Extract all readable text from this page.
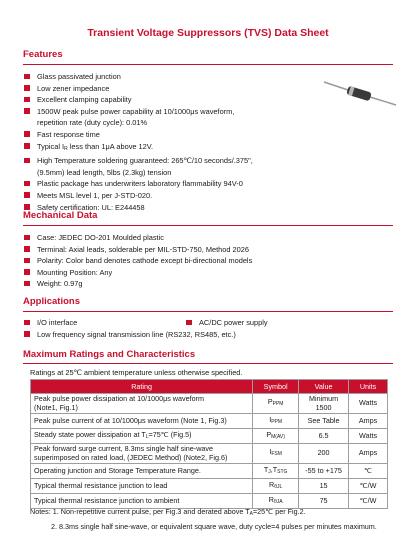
Transient Voltage Suppressors (TVS) Data Sheet
Features
Glass passivated junction
Low zener impedance
Excellent clamping capability
1500W peak pulse power capability at 10/1000μs waveform,
repetition rate (duty cycle): 0.01%
Fast response time
Typical $I_R$ less than 1μA above 12V.
High Temperature soldering guaranteed: 265℃/10 seconds/.375",
(9.5mm) lead length, 5lbs (2.3kg) tension
Plastic package has underwriters laboratory flammability 94V-0
Meets MSL level 1, per J-STD-020.
Safety certification: UL: E244458
Mechanical Data
Case: JEDEC DO-201 Moulded plastic
Terminal: Axial leads, solderable per MIL-STD-750, Method 2026
Polarity: Color band denotes cathode except bi-directional models
Mounting Position: Any
Weight: 0.97g
Applications
I/O interface	AC/DC power supply
Low frequency signal transmission line (RS232, RS485, etc.)
Maximum Ratings and Characteristics
Ratings at 25℃ ambient temperature unless otherwise specified.
Rating	Symbol	Value	Units
Peak pulse power dissipation at 10/1000μs waveform
(Note1, Fig.1)	$P_{PPM}$	Minimum 1500	Watts
Peak pulse current of at 10/1000μs waveform (Note 1, Fig.3)	$I_{PPM}$	See Table	Amps
Steady state power dissipation at $T_L=75℃$ (Fig.5)	$P_{M(AV)}$	6.5	Watts
Peak forward surge current, 8.3ms single half sine-wave
superimposed on rated load, (JEDEC Method) (Note2, Fig.6)	$I_{FSM}$	200	Amps
Operating junction and Storage Temperature Range.	$T_J,T_{STG}$	-55 to +175	℃
Typical thermal resistance junction to lead	$R_{\theta JL}$	15	℃/W
Typical thermal resistance junction to ambient	$R_{\theta JA}$	75	℃/W
Notes: 1. Non-repetitive current pulse, per Fig.3 and derated above $T_A=25℃$ per Fig.2.
2. 8.3ms single half sine-wave, or equivalent square wave, duty cycle=4 pulses per minutes maximum.
